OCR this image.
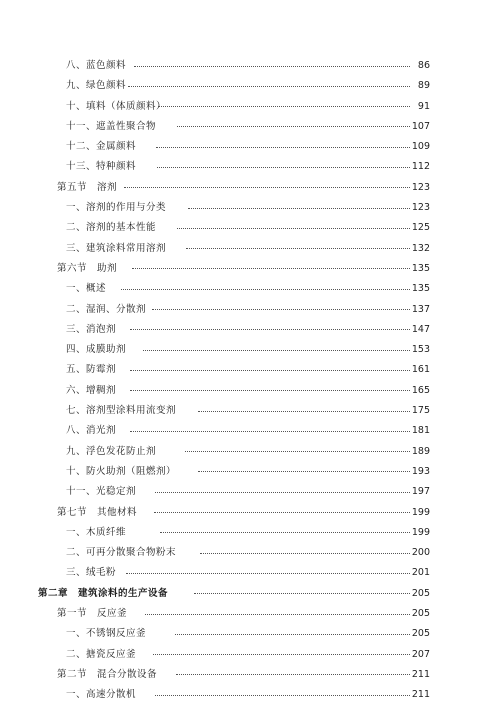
八、蓝色颜料	86
九、绿色颜料	89
十、填料（体质颜料）	91
十一、遮盖性聚合物	107
十二、金属颜料	109
十三、特种颜料	112
第五节　溶剂	123
一、溶剂的作用与分类	123
二、溶剂的基本性能	125
三、建筑涂料常用溶剂	132
第六节　助剂	135
一、概述	135
二、湿润、分散剂	137
三、消泡剂	147
四、成膜助剂	153
五、防霉剂	161
六、增稠剂	165
七、溶剂型涂料用流变剂	175
八、消光剂	181
九、浮色发花防止剂	189
十、防火助剂（阻燃剂）	193
十一、光稳定剂	197
第七节　其他材料	199
一、木质纤维	199
二、可再分散聚合物粉末	200
三、绒毛粉	201
第二章　建筑涂料的生产设备	205
第一节　反应釜	205
一、不锈钢反应釜	205
二、搪瓷反应釜	207
第二节　混合分散设备	211
一、高速分散机	211
